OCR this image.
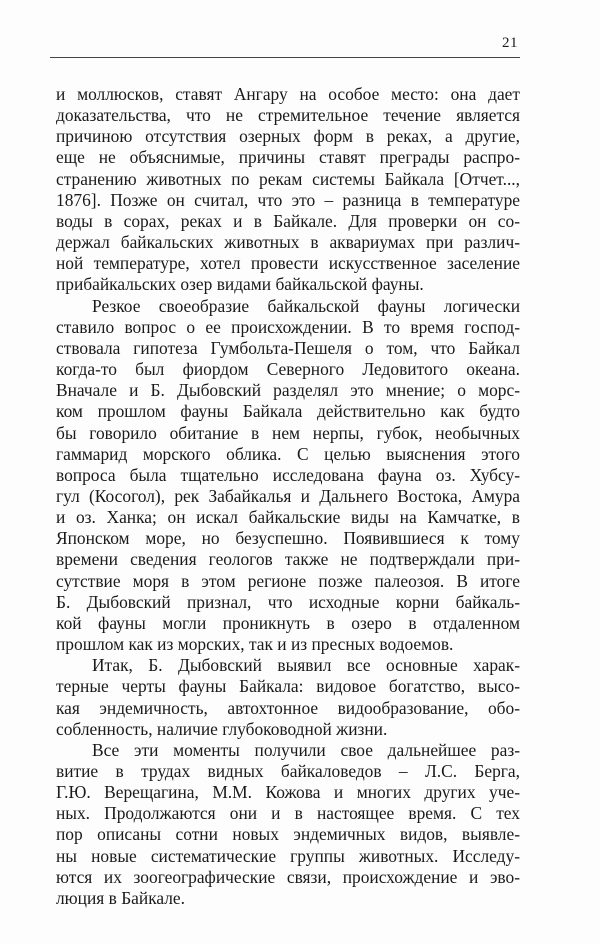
21
и моллюсков, ставят Ангару на особое место: она дает
доказательства, что не стремительное течение является
причиною отсутствия озерных форм в реках, а другие,
еще не объяснимые, причины ставят преграды распро-
странению животных по рекам системы Байкала [Отчет...,
1876]. Позже он считал, что это – разница в температуре
воды в сорах, реках и в Байкале. Для проверки он со-
держал байкальских животных в аквариумах при различ-
ной температуре, хотел провести искусственное заселение
прибайкальских озер видами байкальской фауны.
Резкое своеобразие байкальской фауны логически
ставило вопрос о ее происхождении. В то время господ-
ствовала гипотеза Гумбольта-Пешеля о том, что Байкал
когда-то был фиордом Северного Ледовитого океана.
Вначале и Б. Дыбовский разделял это мнение; о морс-
ком прошлом фауны Байкала действительно как будто
бы говорило обитание в нем нерпы, губок, необычных
гаммарид морского облика. С целью выяснения этого
вопроса была тщательно исследована фауна оз. Хубсу-
гул (Косогол), рек Забайкалья и Дальнего Востока, Амура
и оз. Ханка; он искал байкальские виды на Камчатке, в
Японском море, но безуспешно. Появившиеся к тому
времени сведения геологов также не подтверждали при-
сутствие моря в этом регионе позже палеозоя. В итоге
Б. Дыбовский признал, что исходные корни байкаль-
кой фауны могли проникнуть в озеро в отдаленном
прошлом как из морских, так и из пресных водоемов.
Итак, Б. Дыбовский выявил все основные харак-
терные черты фауны Байкала: видовое богатство, высо-
кая эндемичность, автохтонное видообразование, обо-
собленность, наличие глубоководной жизни.
Все эти моменты получили свое дальнейшее раз-
витие в трудах видных байкаловедов – Л.С. Берга,
Г.Ю. Верещагина, М.М. Кожова и многих других уче-
ных. Продолжаются они и в настоящее время. С тех
пор описаны сотни новых эндемичных видов, выявле-
ны новые систематические группы животных. Исследу-
ются их зоогеографические связи, происхождение и эво-
люция в Байкале.
